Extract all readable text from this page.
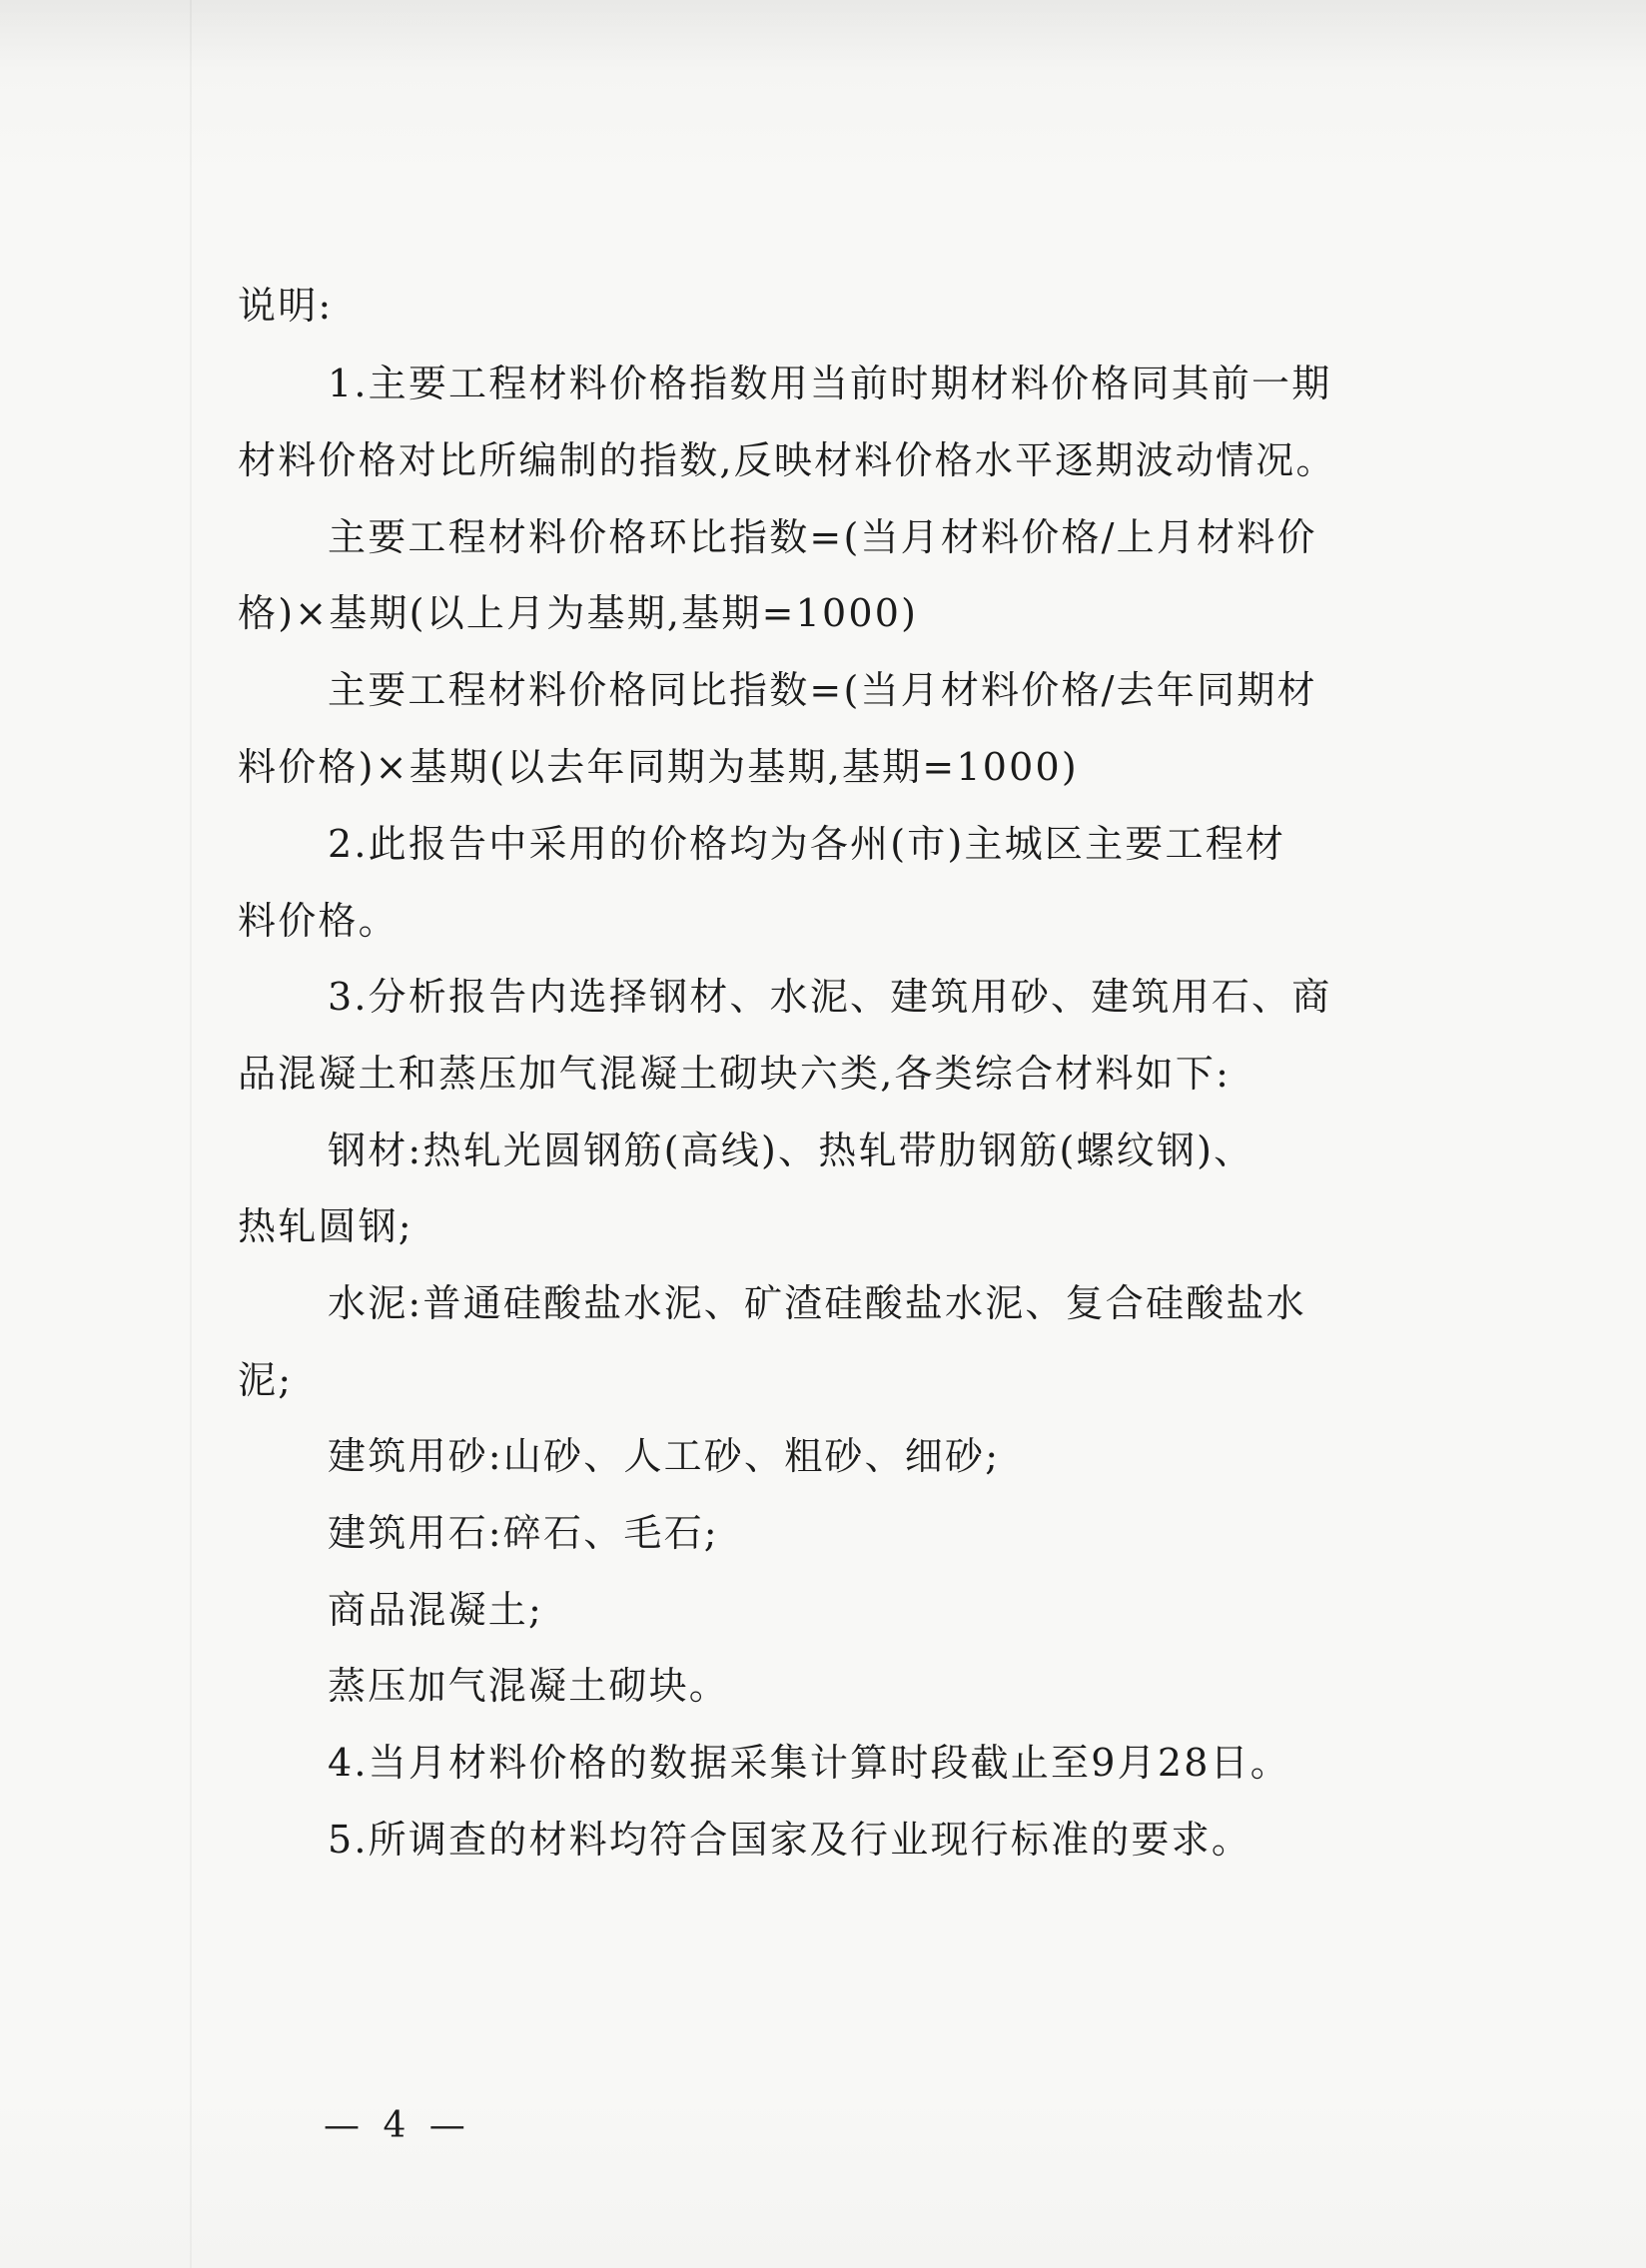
说明:
1.主要工程材料价格指数用当前时期材料价格同其前一期
材料价格对比所编制的指数,反映材料价格水平逐期波动情况。
主要工程材料价格环比指数=(当月材料价格/上月材料价
格)×基期(以上月为基期,基期=1000)
主要工程材料价格同比指数=(当月材料价格/去年同期材
料价格)×基期(以去年同期为基期,基期=1000)
2.此报告中采用的价格均为各州(市)主城区主要工程材
料价格。
3.分析报告内选择钢材、水泥、建筑用砂、建筑用石、商
品混凝土和蒸压加气混凝土砌块六类,各类综合材料如下:
钢材:热轧光圆钢筋(高线)、热轧带肋钢筋(螺纹钢)、
热轧圆钢;
水泥:普通硅酸盐水泥、矿渣硅酸盐水泥、复合硅酸盐水
泥;
建筑用砂:山砂、人工砂、粗砂、细砂;
建筑用石:碎石、毛石;
商品混凝土;
蒸压加气混凝土砌块。
4.当月材料价格的数据采集计算时段截止至9月28日。
5.所调查的材料均符合国家及行业现行标准的要求。
— 4 —
